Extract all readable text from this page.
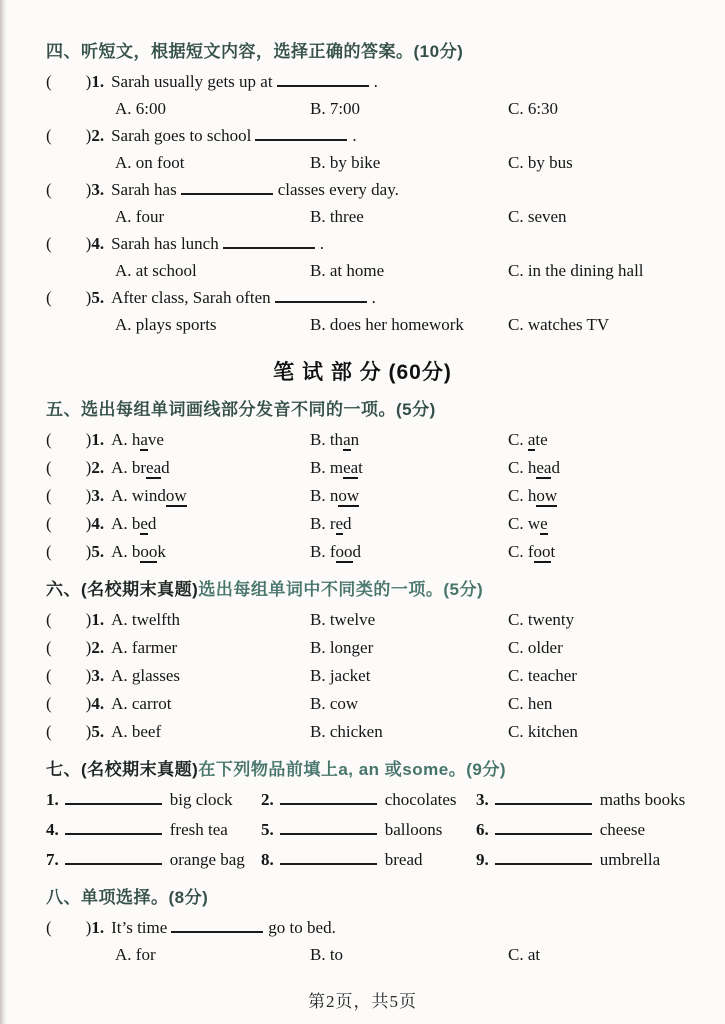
四、听短文，根据短文内容，选择正确的答案。(10分)
( )1. Sarah usually gets up at	.
A. 6:00	B. 7:00	C. 6:30
( )2. Sarah goes to school	.
A. on foot	B. by bike	C. by bus
( )3. Sarah has	classes every day.
A. four	B. three	C. seven
( )4. Sarah has lunch	.
A. at school	B. at home	C. in the dining hall
( )5. After class, Sarah often	.
A. plays sports	B. does her homework	C. watches TV
笔 试 部 分 (60分)
五、选出每组单词画线部分发音不同的一项。(5分)
( )1. A. have	B. than	C. ate
( )2. A. bread	B. meat	C. head
( )3. A. window	B. now	C. how
( )4. A. bed	B. red	C. we
( )5. A. book	B. food	C. foot
六、(名校期末真题)选出每组单词中不同类的一项。(5分)
( )1. A. twelfth	B. twelve	C. twenty
( )2. A. farmer	B. longer	C. older
( )3. A. glasses	B. jacket	C. teacher
( )4. A. carrot	B. cow	C. hen
( )5. A. beef	B. chicken	C. kitchen
七、(名校期末真题)在下列物品前填上a, an 或some。(9分)
1.	big clock	2.	chocolates	3.	maths books
4.	fresh tea	5.	balloons	6.	cheese
7.	orange bag 8.	bread	9.	umbrella
八、单项选择。(8分)
( )1. It’s time	go to bed.
A. for	B. to	C. at
第2页，共5页
